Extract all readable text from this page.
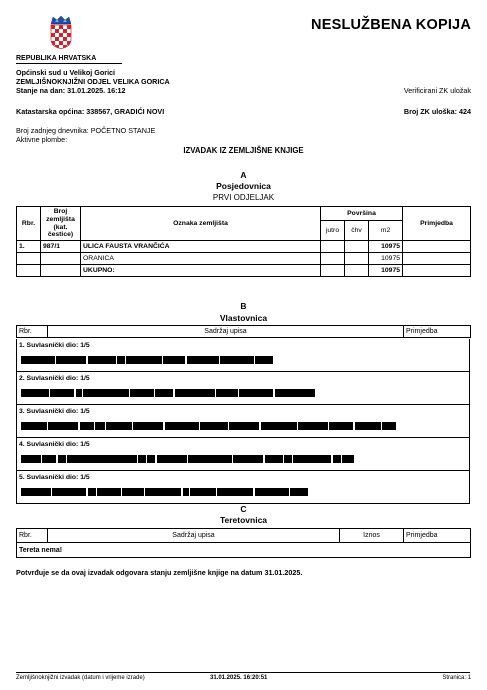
NESLUŽBENA KOPIJA
REPUBLIKA HRVATSKA
Općinski sud u Velikoj Gorici
ZEMLJIŠNOKNJIŽNI ODJEL VELIKA GORICA
Stanje na dan: 31.01.2025. 16:12	Verificirani ZK uložak
Katastarska općina: 338567, GRADIĆI NOVI	Broj ZK uloška: 424
Broj zadnjeg dnevnika: POČETNO STANJE
Aktivne plombe:
IZVADAK IZ ZEMLJIŠNE KNJIGE
A
Posjedovnica
PRVI ODJELJAK
Rbr.	Broj zemljišta (kat. čestice)	Oznaka zemljišta	Površina			Primjedba
			jutro	čhv	m2	
1.	987/1	ULICA FAUSTA VRANČIĆA			10975	
		ORANICA			10975	
		UKUPNO:			10975	
B
Vlastovnica
Rbr.	Sadržaj upisa	Primjedba
1. Suvlasnički dio: 1/5
2. Suvlasnički dio: 1/5
3. Suvlasnički dio: 1/5
4. Suvlasnički dio: 1/5
5. Suvlasnički dio: 1/5
C
Teretovnica
Rbr.	Sadržaj upisa	Iznos	Primjedba
Tereta nema!
Potvrđuje se da ovaj izvadak odgovara stanju zemljišne knjige na datum 31.01.2025.
Zemljišnoknjižni izvadak (datum i vrijeme izrade)	31.01.2025. 16:20:51	Stranica: 1
